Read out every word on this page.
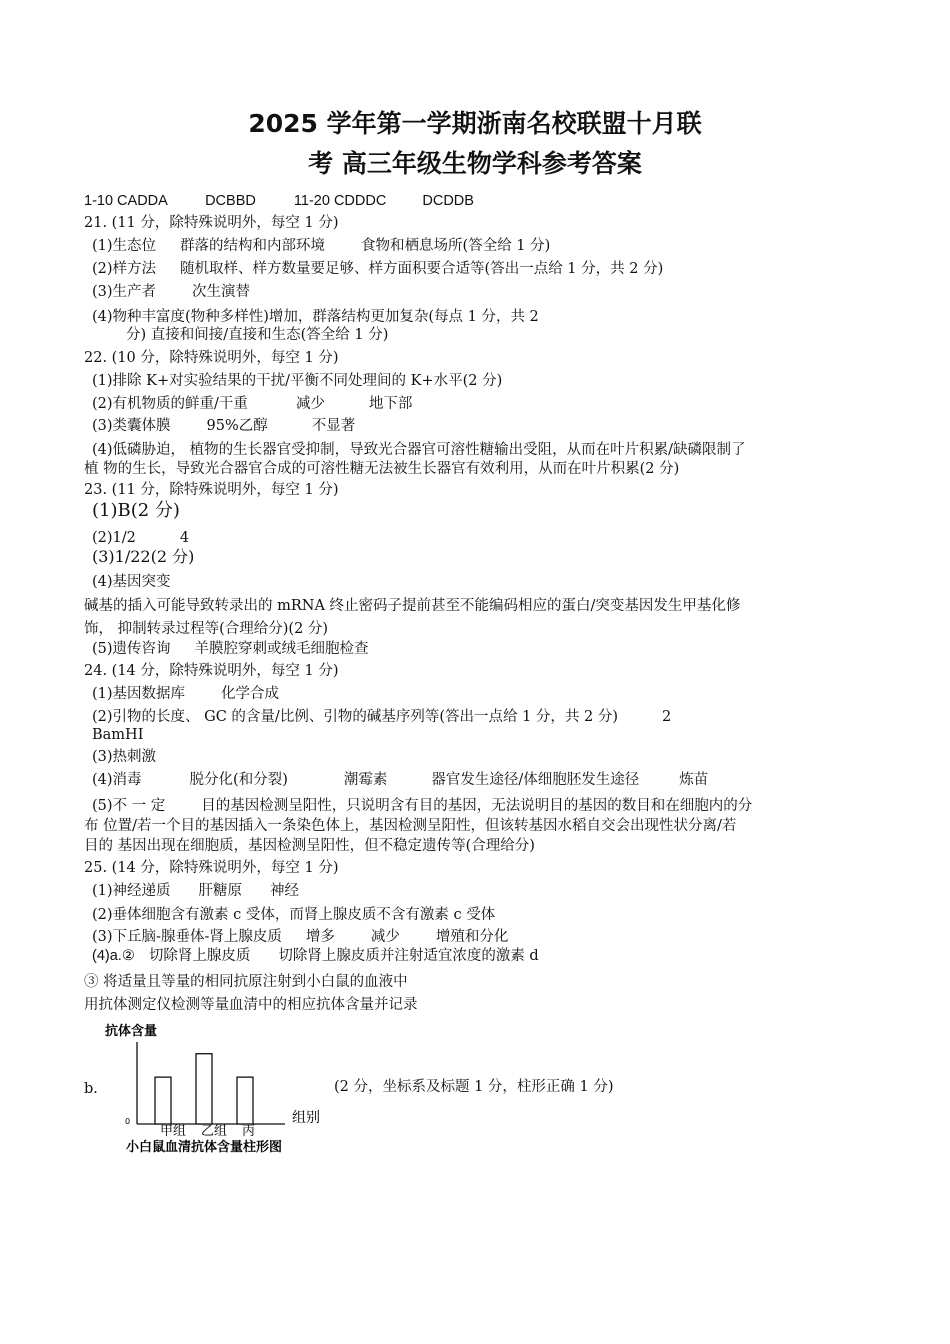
2025 学年第一学期浙南名校联盟十月联
考 高三年级生物学科参考答案
1-10 CADDA	DCBBD	11-20 CDDDC DCDDB
21. (11 分，除特殊说明外，每空 1 分)
(1)生态位 群落的结构和内部环境 食物和栖息场所(答全给 1 分)
(2)样方法 随机取样、样方数量要足够、样方面积要合适等(答出一点给 1 分，共 2 分)
(3)生产者 次生演替
(4)物种丰富度(物种多样性)增加，群落结构更加复杂(每点 1 分，共 2
分) 直接和间接/直接和生态(答全给 1 分)
22. (10 分，除特殊说明外，每空 1 分)
(1)排除 K+对实验结果的干扰/平衡不同处理间的 K+水平(2 分)
(2)有机物质的鲜重/干重	减少	地下部
(3)类囊体膜 95%乙醇	不显著
(4)低磷胁迫， 植物的生长器官受抑制，导致光合器官可溶性糖输出受阻，从而在叶片积累/缺磷限制了
植 物的生长，导致光合器官合成的可溶性糖无法被生长器官有效利用，从而在叶片积累(2 分)
23. (11 分，除特殊说明外，每空 1 分)
(1)B(2 分)
(2)1/2	4
(3)1/22(2 分)
(4)基因突变
碱基的插入可能导致转录出的 mRNA 终止密码子提前甚至不能编码相应的蛋白/突变基因发生甲基化修
饰， 抑制转录过程等(合理给分)(2 分)
(5)遗传咨询 羊膜腔穿刺或绒毛细胞检查
24. (14 分，除特殊说明外，每空 1 分)
(1)基因数据库 化学合成
(2)引物的长度、 GC 的含量/比例、引物的碱基序列等(答出一点给 1 分，共 2 分)	2
BamHI
(3)热刺激
(4)消毒	脱分化(和分裂)	潮霉素	器官发生途径/体细胞胚发生途径	炼苗
(5)不 一 定 目的基因检测呈阳性，只说明含有目的基因，无法说明目的基因的数目和在细胞内的分
布 位置/若一个目的基因插入一条染色体上，基因检测呈阳性，但该转基因水稻自交会出现性状分离/若
目的 基因出现在细胞质，基因检测呈阳性，但不稳定遗传等(合理给分)
25. (14 分，除特殊说明外，每空 1 分)
(1)神经递质 肝糖原 神经
(2)垂体细胞含有激素 c 受体，而肾上腺皮质不含有激素 c 受体
(3)下丘脑-腺垂体-肾上腺皮质 增多 减少 增殖和分化
(4)a.② 切除肾上腺皮质 切除肾上腺皮质并注射适宜浓度的激素 d
③ 将适量且等量的相同抗原注射到小白鼠的血液中
用抗体测定仪检测等量血清中的相应抗体含量并记录
b.	(2 分，坐标系及标题 1 分，柱形正确 1 分)
抗体含量
0
甲组 乙组 丙
组别
小白鼠血清抗体含量柱形图
